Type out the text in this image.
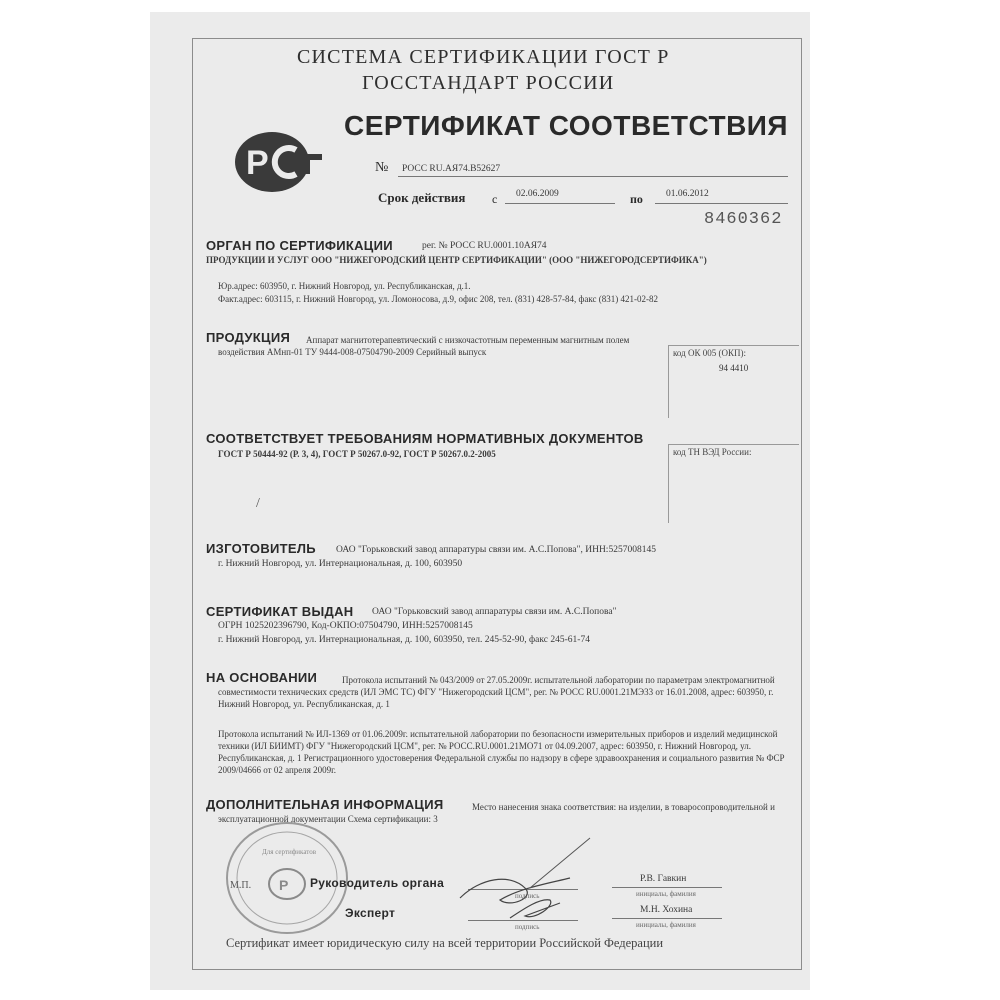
СИСТЕМА СЕРТИФИКАЦИИ ГОСТ Р
ГОССТАНДАРТ РОССИИ
Р
СЕРТИФИКАТ СООТВЕТСТВИЯ
№ РОСС RU.АЯ74.В52627
Срок действия с 02.06.2009	по 01.06.2012
8460362
ОРГАН ПО СЕРТИФИКАЦИИ	рег. № РОСС RU.0001.10АЯ74
ПРОДУКЦИИ И УСЛУГ ООО "НИЖЕГОРОДСКИЙ ЦЕНТР СЕРТИФИКАЦИИ" (ООО "НИЖЕГОРОДСЕРТИФИКА")
Юр.адрес: 603950, г. Нижний Новгород, ул. Республиканская, д.1.
Факт.адрес: 603115, г. Нижний Новгород, ул. Ломоносова, д.9, офис 208, тел. (831) 428-57-84, факс (831) 421-02-82
ПРОДУКЦИЯ	Аппарат магнитотерапевтический с низкочастотным переменным магнитным полем воздействия АМнп-01 ТУ 9444-008-07504790-2009 Серийный выпуск	код ОК 005 (ОКП):
94 4410
СООТВЕТСТВУЕТ ТРЕБОВАНИЯМ НОРМАТИВНЫХ ДОКУМЕНТОВ
ГОСТ Р 50444-92 (Р. 3, 4), ГОСТ Р 50267.0-92, ГОСТ Р 50267.0.2-2005	код ТН ВЭД России:
/
ИЗГОТОВИТЕЛЬ ОАО "Горьковский завод аппаратуры связи им. А.С.Попова", ИНН:5257008145
г. Нижний Новгород, ул. Интернациональная, д. 100, 603950
СЕРТИФИКАТ ВЫДАН ОАО "Горьковский завод аппаратуры связи им. А.С.Попова"
ОГРН 1025202396790, Код-ОКПО:07504790, ИНН:5257008145
г. Нижний Новгород, ул. Интернациональная, д. 100, 603950, тел. 245-52-90, факс 245-61-74
НА ОСНОВАНИИ	Протокола испытаний № 043/2009 от 27.05.2009г. испытательной лаборатории по параметрам электромагнитной совместимости технических средств (ИЛ ЭМС ТС) ФГУ "Нижегородский ЦСМ", рег. № РОСС RU.0001.21МЭ33 от 16.01.2008, адрес: 603950, г. Нижний Новгород, ул. Республиканская, д. 1
Протокола испытаний № ИЛ-1369 от 01.06.2009г. испытательной лаборатории по безопасности измерительных приборов и изделий медицинской техники (ИЛ БИИМТ) ФГУ "Нижегородский ЦСМ", рег. № РОСС.RU.0001.21МО71 от 04.09.2007, адрес: 603950, г. Нижний Новгород, ул. Республиканская, д. 1 Регистрационного удостоверения Федеральной службы по надзору в сфере здравоохранения и социального развития № ФСР 2009/04666 от 02 апреля 2009г.
ДОПОЛНИТЕЛЬНАЯ ИНФОРМАЦИЯ	Место нанесения знака соответствия: на изделии, в товаросопроводительной и эксплуатационной документации Схема сертификации: 3
Р
Для сертификатов
М.П.	Руководитель органа
подпись
Р.В. Гавкин
инициалы, фамилия
Эксперт
подпись
М.Н. Хохина
инициалы, фамилия
Сертификат имеет юридическую силу на всей территории Российской Федерации
